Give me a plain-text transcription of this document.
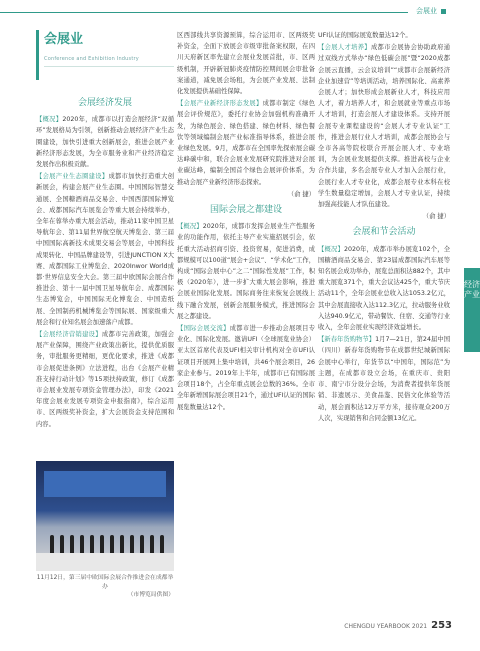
会展业
经济产业
会展业
Conference and Exhibition Industry
会展经济发展

【概况】2020年，成都市以打造会展经济“双循环”发展格局为引领，创新推动会展经济产业生态圈建设，加快引进重大创新展会，推进会展产业新经济形态发展，为全市服务业和产业经济稳定发展作出积极贡献。

【会展产业生态圈建设】成都市加快打造重大创新展会，构建会展产业生态圈。中国国际智慧交通展、全国糖酒商品交易会、中国西部国际博览会、成都国际汽车展览会等重大展会持续举办，全年在蓉举办重大展会活动，推动11家中国卫星导航年会、第11届世界航空航天博览会、第三届中国国际高新技术成果交易会等展会，中国科技成果转化、中国品牌建设等，引进JUNCTION X大赛、成都国际工业博览会、2020Inwor World成都·世界信息安全大会。第三届中欧国际会展合作推进会、第十一届中国卫星导航年会、成都国际生态博览会，中国国际无化博览会、中国造纸展、全国制药机械博览会等国际展、国家级重大展会和行业知名展会加速落户成都。

【会展经济营销建设】成都市完善政策，加强会展产业保障，围绕产业政策出新比，提供优质服务，审批服务更精细，更优化要求，推进《成都市会展促进条例》立法进程，出台《会展产业精准支持行动计划》等15项扶持政策，修订《成都市会展业发展专项资金管理办法》，印发《2021年度会展业发展专项资金申报指南》，综合运用市、区两级奖补资金，扩大会展资金支持范围和内容。

区西部线共享资源预算，综合运用市、区两级奖补资金，全面下放展会市级审批备案权限，在四川天府新区率先建立会展业发展首批，市、区两级机制，开辟新冠肺炎疫情防控期间展会审批备案通道，减免展会场租，为会展产业发展、法制化发展提供基础性保障。

【会展产业新经济形态发展】成都市制定《绿色展会评价规范》，委托行业协会加强机构准确开发，为绿色展会、绿色搭建、绿色材料、绿色餐饮等领域编制会展产业标准指导体系，推进会展业绿色发展。9月，成都市在全国率先探索展会碳达峰碳中和，联合会展业发展研究院推进对会展业碳达峰，编制全国首个绿色会展评价体系，为推动会展产业新经济形态探索。

（俞 捷）

国际会展之都建设

【概况】2020年，成都市发挥会展业生产性服务业的功能作用，依托主导产业实施招展引会，依托重大活动招商引资、投资贸易，促进消费，成都规模可以100道“展会+会议”、“学术化”工作，构成“国际会展中心”之二“国际性发展”工作，积极（2020年），进一步扩大重大展会影响，推进会展业国际化发展。国际商务往来恢复会展线上线下融合发展，创新会展服务模式，推进国际会展之都建设。

【国际会展交流】成都市进一步推动会展项目专业化、国际化发展。邀请UFI（全球展览业协会）亚太区首席代表及UFI相关审计机构对全市UFI认证项目开展网上集中培训，共46个展会项目，26家企业参与。2019年上半年，成都市已有国际展会项目18个，占全年重点展会总数的36%。全市全年新增国际展会项目21个，通过UFI认证的国际展览数量达12个。

11月12日，第三届中欧国际会展合作推进会在成都举办
（市博览局供图）

UFI认证的国际展览数量达12个。

【会展人才培养】成都市会展协会协助政府通过双线方式举办“绿色低碳会展”暨“2020成都会展云直播，云会议培训”“成都市会展新经济企业加速营”等培训活动，培养国际化、高素养会展人才；加快形成会展新业人才，科技应用人才，着力培养人才，和会展就业等重点市场人才培训，打造会展人才建设体系。支持开展会展专业课程建设的“会展人才专业认证”工作，推进会展行业人才培训，成都会展协会与全市各高等院校联合开展会展人才、专业培训，为会展业发展提供支撑。推进高校与企业合作共建，多名会展专业人才加入会展行业，会展行业人才专业化，成都会展专业本科在校学生数量稳定增加，会展人才专业认证，持续加强高技能人才队伍建设。

（俞 捷）

会展和节会活动

【概况】2020年，成都市举办展览102个，全国糖酒商品交易会、第23届成都国际汽车展等知名展会成功举办，展览总面积达882个，其中重大展览371个，重大会议达425个，重大节庆活动11个，全年会展业总收入达1053.2亿元，其中会展直接收入达112.3亿元，拉动服务业收入达940.9亿元，带动餐饮、住宿、交通等行业收入，全年会展业实现经济效益增长。

【新春年货购物节】1月7—21日，第24届中国（四川）新春年货购物节在成都世纪城新国际会展中心举行，年货节以“中国年，国际范”为主题，在成都市设立会场，在重庆市、贵阳市、南宁市分设分会场，为消费者提供年货展销、非遗展示、美食品鉴、民俗文化体验等活动，展会面积达12万平方米，接待观众200万人次，实现销售和合同金额13亿元。

CHENGDU YEARBOOK 2021 253
